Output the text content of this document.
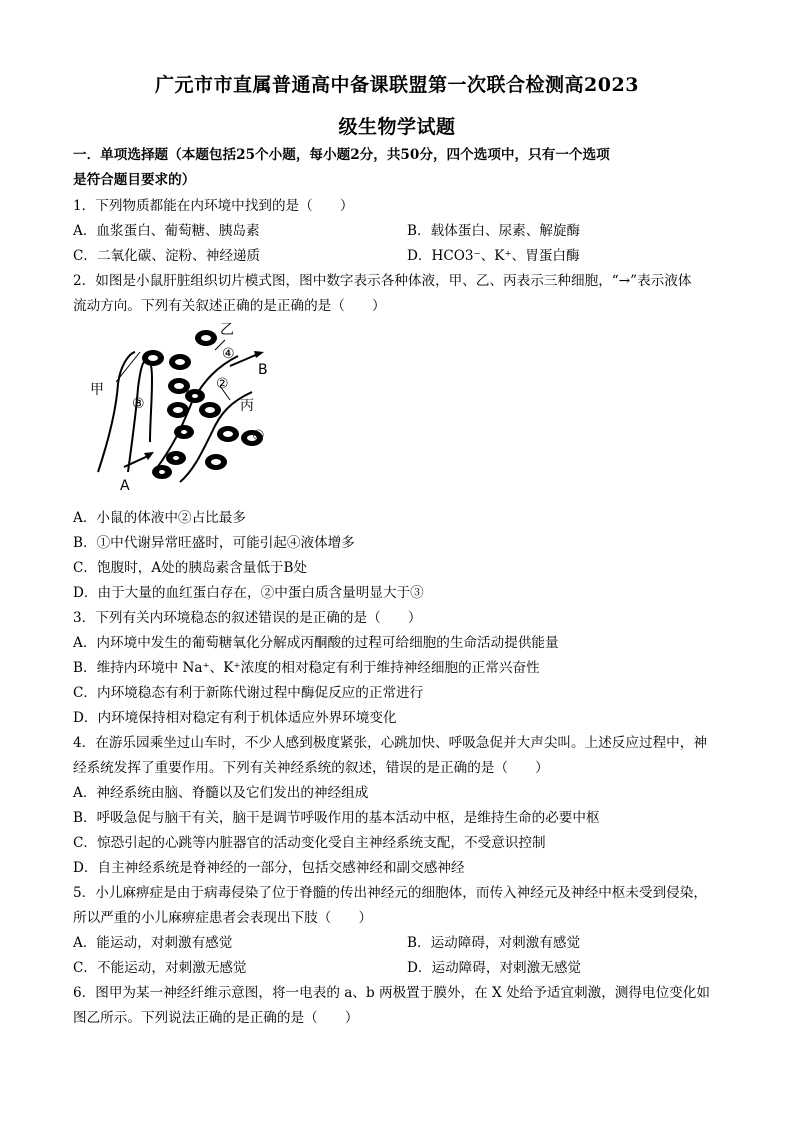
广元市市直属普通高中备课联盟第一次联合检测高2023
级生物学试题
一．单项选择题（本题包括25个小题，每小题2分，共50分，四个选项中，只有一个选项
是符合题目要求的）
1．下列物质都能在内环境中找到的是（　　）
A．血浆蛋白、葡萄糖、胰岛素	B．载体蛋白、尿素、解旋酶
C．二氧化碳、淀粉、神经递质	D．HCO3⁻、K⁺、胃蛋白酶
2．如图是小鼠肝脏组织切片模式图，图中数字表示各种体液，甲、乙、丙表示三种细胞，“→”表示液体
流动方向。下列有关叙述正确的是正确的是（　　）
甲
乙
丙
A
B
④
②
③
①
A．小鼠的体液中②占比最多
B．①中代谢异常旺盛时，可能引起④液体增多
C．饱腹时，A处的胰岛素含量低于B处
D．由于大量的血红蛋白存在，②中蛋白质含量明显大于③
3．下列有关内环境稳态的叙述错误的是正确的是（　　）
A．内环境中发生的葡萄糖氧化分解成丙酮酸的过程可给细胞的生命活动提供能量
B．维持内环境中 Na⁺、K⁺浓度的相对稳定有利于维持神经细胞的正常兴奋性
C．内环境稳态有利于新陈代谢过程中酶促反应的正常进行
D．内环境保持相对稳定有利于机体适应外界环境变化
4．在游乐园乘坐过山车时，不少人感到极度紧张，心跳加快、呼吸急促并大声尖叫。上述反应过程中，神
经系统发挥了重要作用。下列有关神经系统的叙述，错误的是正确的是（　　）
A．神经系统由脑、脊髓以及它们发出的神经组成
B．呼吸急促与脑干有关，脑干是调节呼吸作用的基本活动中枢，是维持生命的必要中枢
C．惊恐引起的心跳等内脏器官的活动变化受自主神经系统支配，不受意识控制
D．自主神经系统是脊神经的一部分，包括交感神经和副交感神经
5．小儿麻痹症是由于病毒侵染了位于脊髓的传出神经元的细胞体，而传入神经元及神经中枢未受到侵染，
所以严重的小儿麻痹症患者会表现出下肢（　　）
A．能运动，对刺激有感觉	B．运动障碍，对刺激有感觉
C．不能运动，对刺激无感觉	D．运动障碍，对刺激无感觉
6．图甲为某一神经纤维示意图，将一电表的 a、b 两极置于膜外，在 X 处给予适宜刺激，测得电位变化如
图乙所示。下列说法正确的是正确的是（　　）
